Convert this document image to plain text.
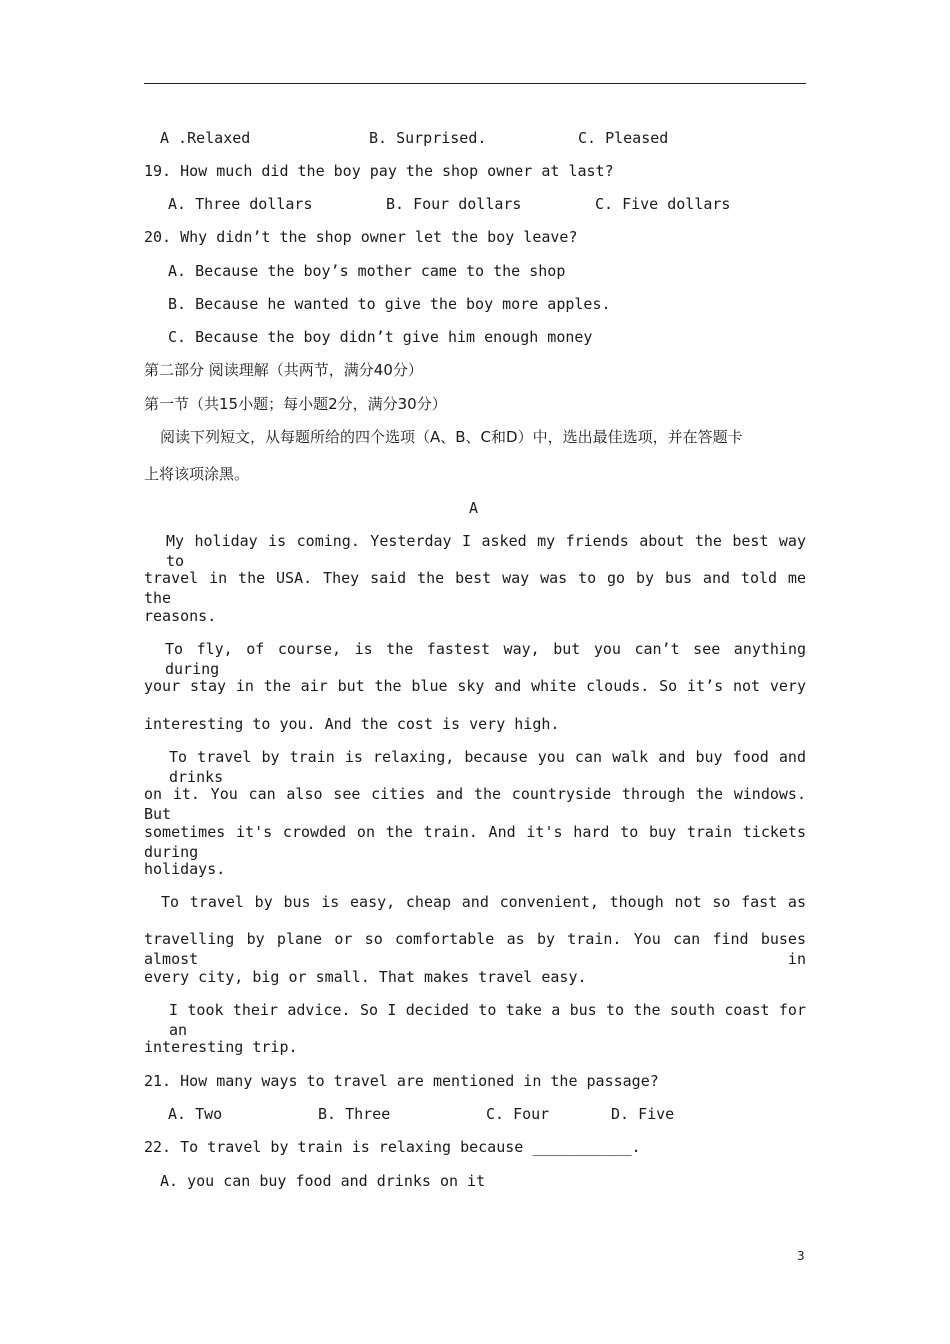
A .Relaxed	B. Surprised.	C. Pleased
19. How much did the boy pay the shop owner at last?
A. Three dollars	B. Four dollars	C. Five dollars
20. Why didn’t the shop owner let the boy leave?
A. Because the boy’s mother came to the shop
B. Because he wanted to give the boy more apples.
C. Because the boy didn’t give him enough money
第二部分 阅读理解（共两节，满分40分）
第一节（共15小题；每小题2分，满分30分）
阅读下列短文，从每题所给的四个选项（A、B、C和D）中，选出最佳选项，并在答题卡
上将该项涂黑。
A
My holiday is coming. Yesterday I asked my friends about the best way to
travel in the USA. They said the best way was to go by bus and told me the
reasons.
To fly, of course, is the fastest way, but you can’t see anything during
your stay in the air but the blue sky and white clouds. So it’s not very
interesting to you. And the cost is very high.
To travel by train is relaxing, because you can walk and buy food and drinks
on it. You can also see cities and the countryside through the windows. But
sometimes it's crowded on the train. And it's hard to buy train tickets during
holidays.
To travel by bus is easy, cheap and convenient, though not so fast as
travelling by plane or so comfortable as by train. You can find buses almost in
every city, big or small. That makes travel easy.
I took their advice. So I decided to take a bus to the south coast for an
interesting trip.
21. How many ways to travel are mentioned in the passage?
A. Two	B. Three	C. Four	D. Five
22. To travel by train is relaxing because ___________.
A. you can buy food and drinks on it
3
